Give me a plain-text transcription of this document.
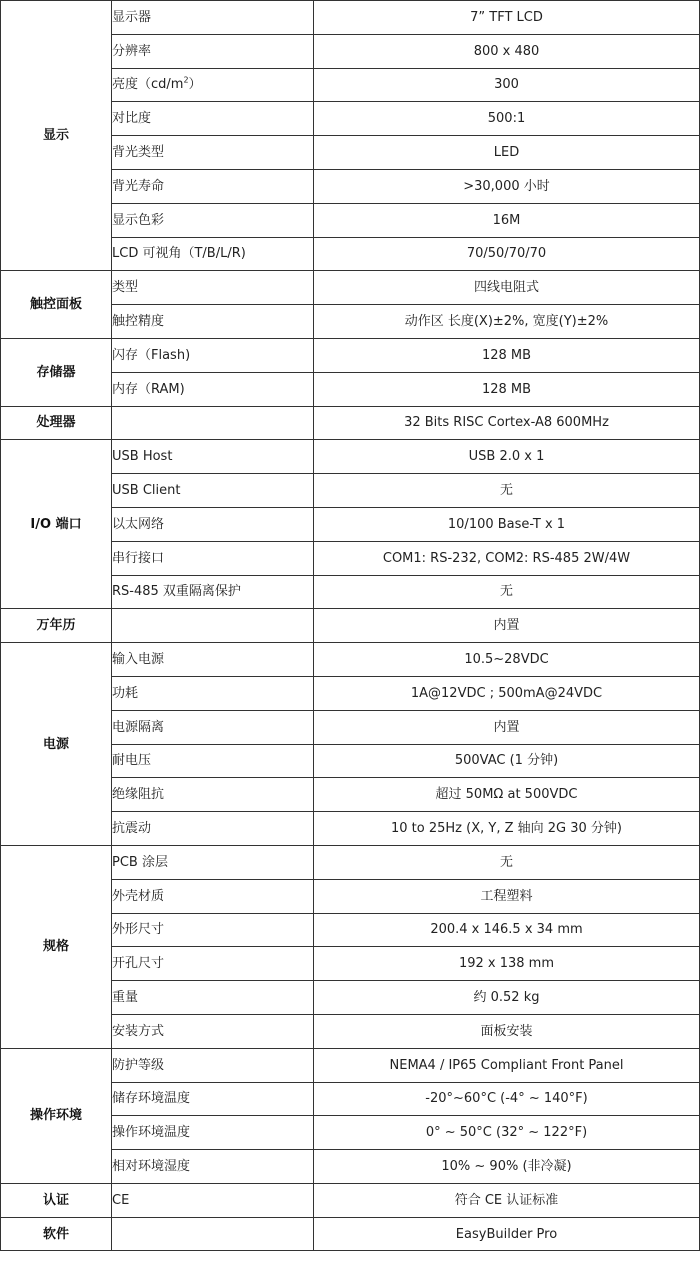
显示	显示器	7” TFT LCD
	分辨率	800 x 480
	亮度$(cd/m^2)$	300
	对比度	500:1
	背光类型	LED
	背光寿命	>30,000 小时
	显示色彩	16M
	LCD 可视角（T/B/L/R)	70/50/70/70
触控面板	类型	四线电阻式
	触控精度	动作区 长度(X)±2%, 宽度(Y)±2%
存储器	闪存（Flash)	128 MB
	内存（RAM)	128 MB
处理器		32 Bits RISC Cortex-A8 600MHz
I/O 端口	USB Host	USB 2.0 x 1
	USB Client	无
	以太网络	10/100 Base-T x 1
	串行接口	COM1: RS-232, COM2: RS-485 2W/4W
	RS-485 双重隔离保护	无
万年历		内置
电源	输入电源	10.5~28VDC
	功耗	1A@12VDC ; 500mA@24VDC
	电源隔离	内置
	耐电压	500VAC (1 分钟)
	绝缘阻抗	超过 50MΩ at 500VDC
	抗震动	10 to 25Hz (X, Y, Z 轴向 2G 30 分钟)
规格	PCB 涂层	无
	外壳材质	工程塑料
	外形尺寸	200.4 x 146.5 x 34 mm
	开孔尺寸	192 x 138 mm
	重量	约 0.52 kg
	安装方式	面板安装
操作环境	防护等级	NEMA4 / IP65 Compliant Front Panel
	储存环境温度	-20°~60°C (-4° ~ 140°F)
	操作环境温度	0° ~ 50°C (32° ~ 122°F)
	相对环境湿度	10% ~ 90% (非冷凝)
认证	CE	符合 CE 认证标准
软件		EasyBuilder Pro
